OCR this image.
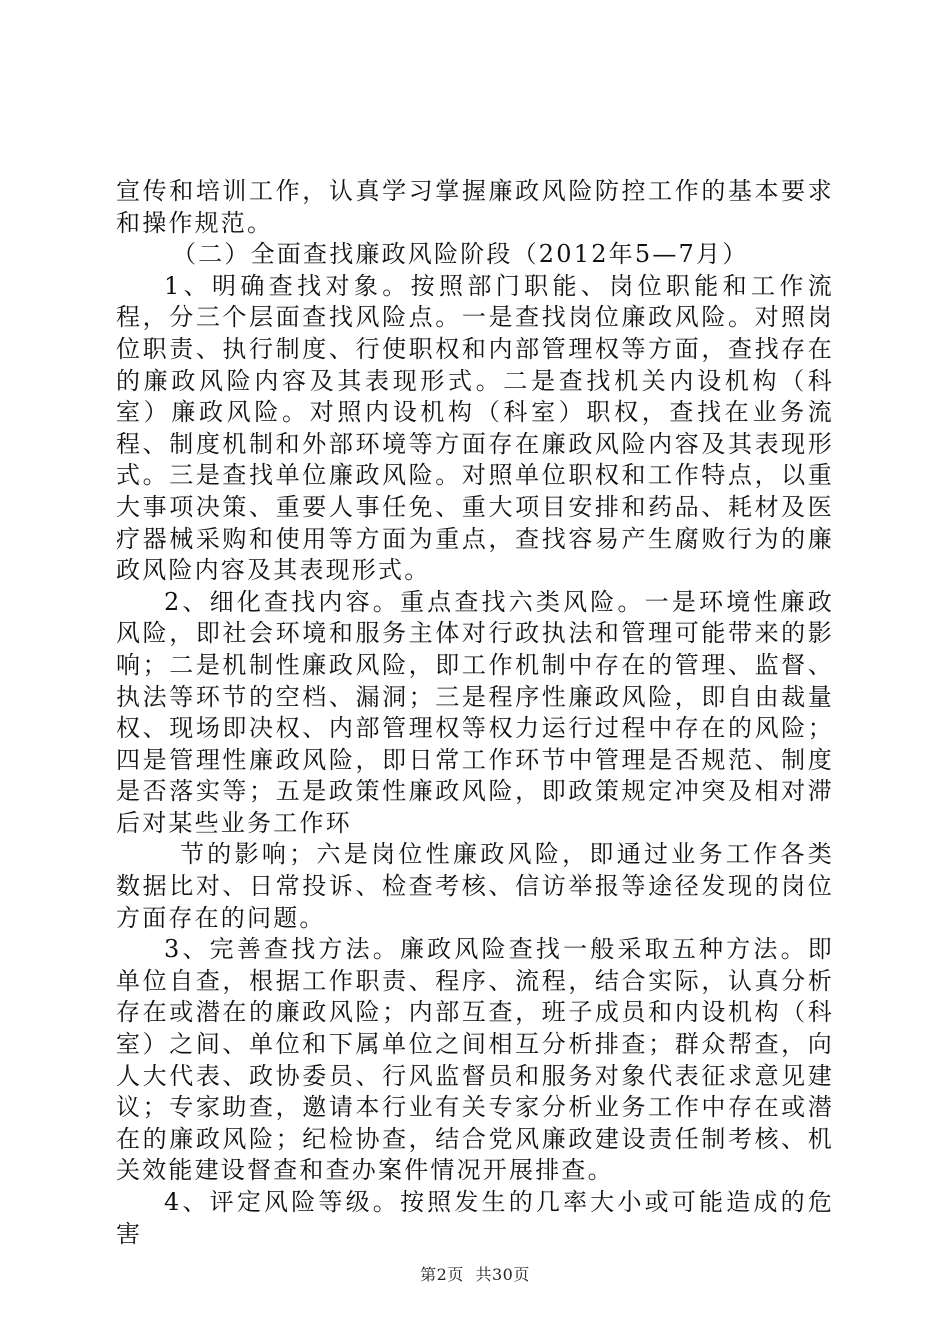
宣传和培训工作，认真学习掌握廉政风险防控工作的基本要求和操作规范。

（二）全面查找廉政风险阶段（2012年5—7月）

1、明确查找对象。按照部门职能、岗位职能和工作流程，分三个层面查找风险点。一是查找岗位廉政风险。对照岗位职责、执行制度、行使职权和内部管理权等方面，查找存在的廉政风险内容及其表现形式。二是查找机关内设机构（科室）廉政风险。对照内设机构（科室）职权，查找在业务流程、制度机制和外部环境等方面存在廉政风险内容及其表现形式。三是查找单位廉政风险。对照单位职权和工作特点，以重大事项决策、重要人事任免、重大项目安排和药品、耗材及医疗器械采购和使用等方面为重点，查找容易产生腐败行为的廉政风险内容及其表现形式。

2、细化查找内容。重点查找六类风险。一是环境性廉政风险，即社会环境和服务主体对行政执法和管理可能带来的影响；二是机制性廉政风险，即工作机制中存在的管理、监督、执法等环节的空档、漏洞；三是程序性廉政风险，即自由裁量权、现场即决权、内部管理权等权力运行过程中存在的风险；四是管理性廉政风险，即日常工作环节中管理是否规范、制度是否落实等；五是政策性廉政风险，即政策规定冲突及相对滞后对某些业务工作环

节的影响；六是岗位性廉政风险，即通过业务工作各类数据比对、日常投诉、检查考核、信访举报等途径发现的岗位方面存在的问题。

3、完善查找方法。廉政风险查找一般采取五种方法。即单位自查，根据工作职责、程序、流程，结合实际，认真分析存在或潜在的廉政风险；内部互查，班子成员和内设机构（科室）之间、单位和下属单位之间相互分析排查；群众帮查，向人大代表、政协委员、行风监督员和服务对象代表征求意见建议；专家助查，邀请本行业有关专家分析业务工作中存在或潜在的廉政风险；纪检协查，结合党风廉政建设责任制考核、机关效能建设督查和查办案件情况开展排查。

4、评定风险等级。按照发生的几率大小或可能造成的危害

第2页 共30页
